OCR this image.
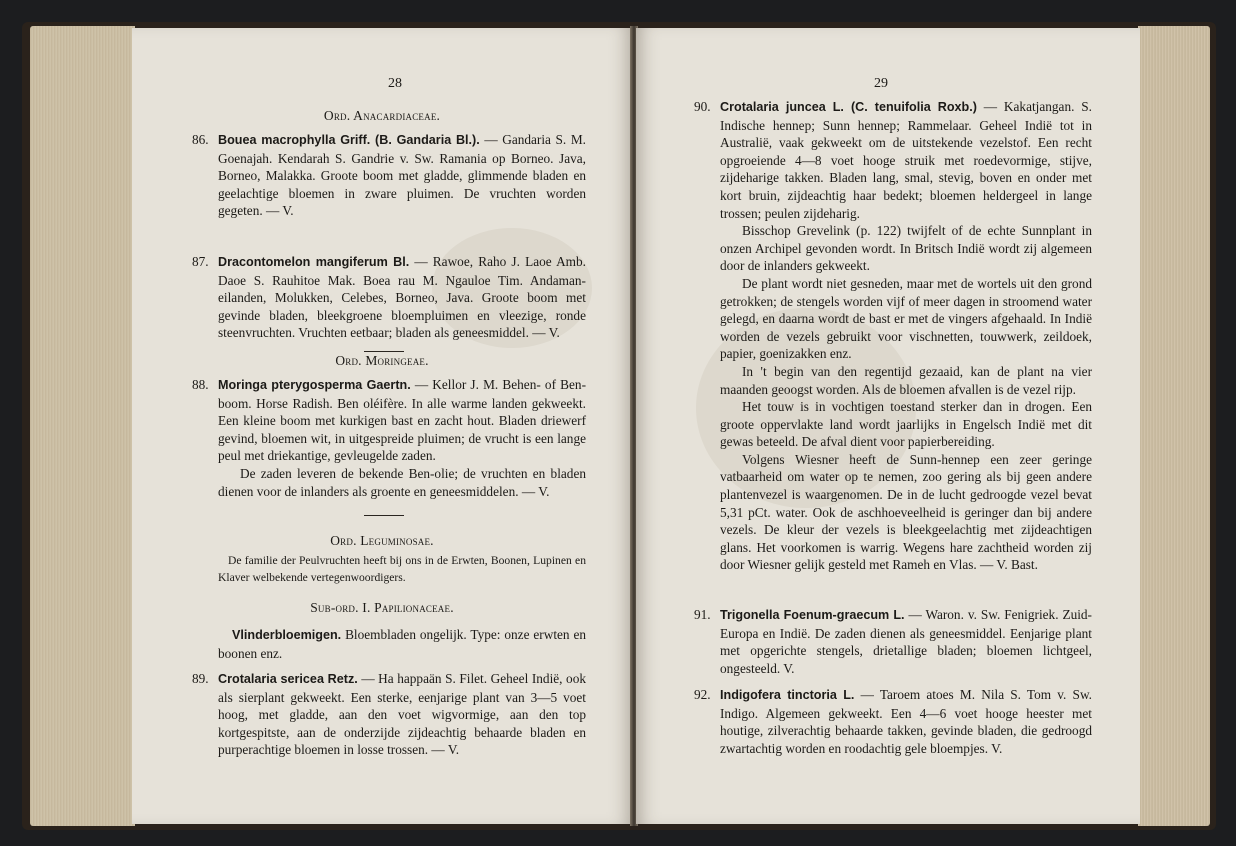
28
Ord. Anacardiaceae.
86. Bouea macrophylla Griff. (B. Gandaria Bl.). — Gandaria S. M. Goenajah. Kendarah S. Gandrie v. Sw. Ramania op Borneo. Java, Borneo, Malakka. Groote boom met gladde, glimmende bladen en geelachtige bloemen in zware pluimen. De vruchten worden gegeten. — V.
87. Dracontomelon mangiferum Bl. — Rawoe, Raho J. Laoe Amb. Daoe S. Rauhitoe Mak. Boea rau M. Ngauloe Tim. Andaman-eilanden, Molukken, Celebes, Borneo, Java. Groote boom met gevinde bladen, bleekgroene bloempluimen en vleezige, ronde steenvruchten. Vruchten eetbaar; bladen als geneesmiddel. — V.
Ord. Moringeae.
88. Moringa pterygosperma Gaertn. — Kellor J. M. Behen- of Ben-boom. Horse Radish. Ben oléifère. In alle warme landen gekweekt. Een kleine boom met kurkigen bast en zacht hout. Bladen driewerf gevind, bloemen wit, in uitgespreide pluimen; de vrucht is een lange peul met driekantige, gevleugelde zaden.
De zaden leveren de bekende Ben-olie; de vruchten en bladen dienen voor de inlanders als groente en geneesmiddelen. — V.
Ord. Leguminosae.
De familie der Peulvruchten heeft bij ons in de Erwten, Boonen, Lupinen en Klaver welbekende vertegenwoordigers.
Sub-ord. I. Papilionaceae.
Vlinderbloemigen. Bloembladen ongelijk. Type: onze erwten en boonen enz.
89. Crotalaria sericea Retz. — Ha happaän S. Filet. Geheel Indië, ook als sierplant gekweekt. Een sterke, eenjarige plant van 3—5 voet hoog, met gladde, aan den voet wigvormige, aan den top kortgespitste, aan de onderzijde zijdeachtig behaarde bladen en purperachtige bloemen in losse trossen. — V.
29
90. Crotalaria juncea L. (C. tenuifolia Roxb.) — Kakatjangan. S. Indische hennep; Sunn hennep; Rammelaar. Geheel Indië tot in Australië, vaak gekweekt om de uitstekende vezelstof. Een recht opgroeiende 4—8 voet hooge struik met roedevormige, stijve, zijdeharige takken. Bladen lang, smal, stevig, boven en onder met kort bruin, zijdeachtig haar bedekt; bloemen heldergeel in lange trossen; peulen zijdeharig.
Bisschop Grevelink (p. 122) twijfelt of de echte Sunnplant in onzen Archipel gevonden wordt. In Britsch Indië wordt zij algemeen door de inlanders gekweekt.
De plant wordt niet gesneden, maar met de wortels uit den grond getrokken; de stengels worden vijf of meer dagen in stroomend water gelegd, en daarna wordt de bast er met de vingers afgehaald. In Indië worden de vezels gebruikt voor vischnetten, touwwerk, zeildoek, papier, goenizakken enz.
In 't begin van den regentijd gezaaid, kan de plant na vier maanden geoogst worden. Als de bloemen afvallen is de vezel rijp.
Het touw is in vochtigen toestand sterker dan in drogen. Een groote oppervlakte land wordt jaarlijks in Engelsch Indië met dit gewas beteeld. De afval dient voor papierbereiding.
Volgens Wiesner heeft de Sunn-hennep een zeer geringe vatbaarheid om water op te nemen, zoo gering als bij geen andere plantenvezel is waargenomen. De in de lucht gedroogde vezel bevat 5,31 pCt. water. Ook de aschhoeveelheid is geringer dan bij andere vezels. De kleur der vezels is bleekgeelachtig met zijdeachtigen glans. Het voorkomen is warrig. Wegens hare zachtheid worden zij door Wiesner gelijk gesteld met Rameh en Vlas. — V. Bast.
91. Trigonella Foenum-graecum L. — Waron. v. Sw. Fenigriek. Zuid-Europa en Indië. De zaden dienen als geneesmiddel. Eenjarige plant met opgerichte stengels, drietallige bladen; bloemen lichtgeel, ongesteeld. V.
92. Indigofera tinctoria L. — Taroem atoes M. Nila S. Tom v. Sw. Indigo. Algemeen gekweekt. Een 4—6 voet hooge heester met houtige, zilverachtig behaarde takken, gevinde bladen, die gedroogd zwartachtig worden en roodachtig gele bloempjes. V.
